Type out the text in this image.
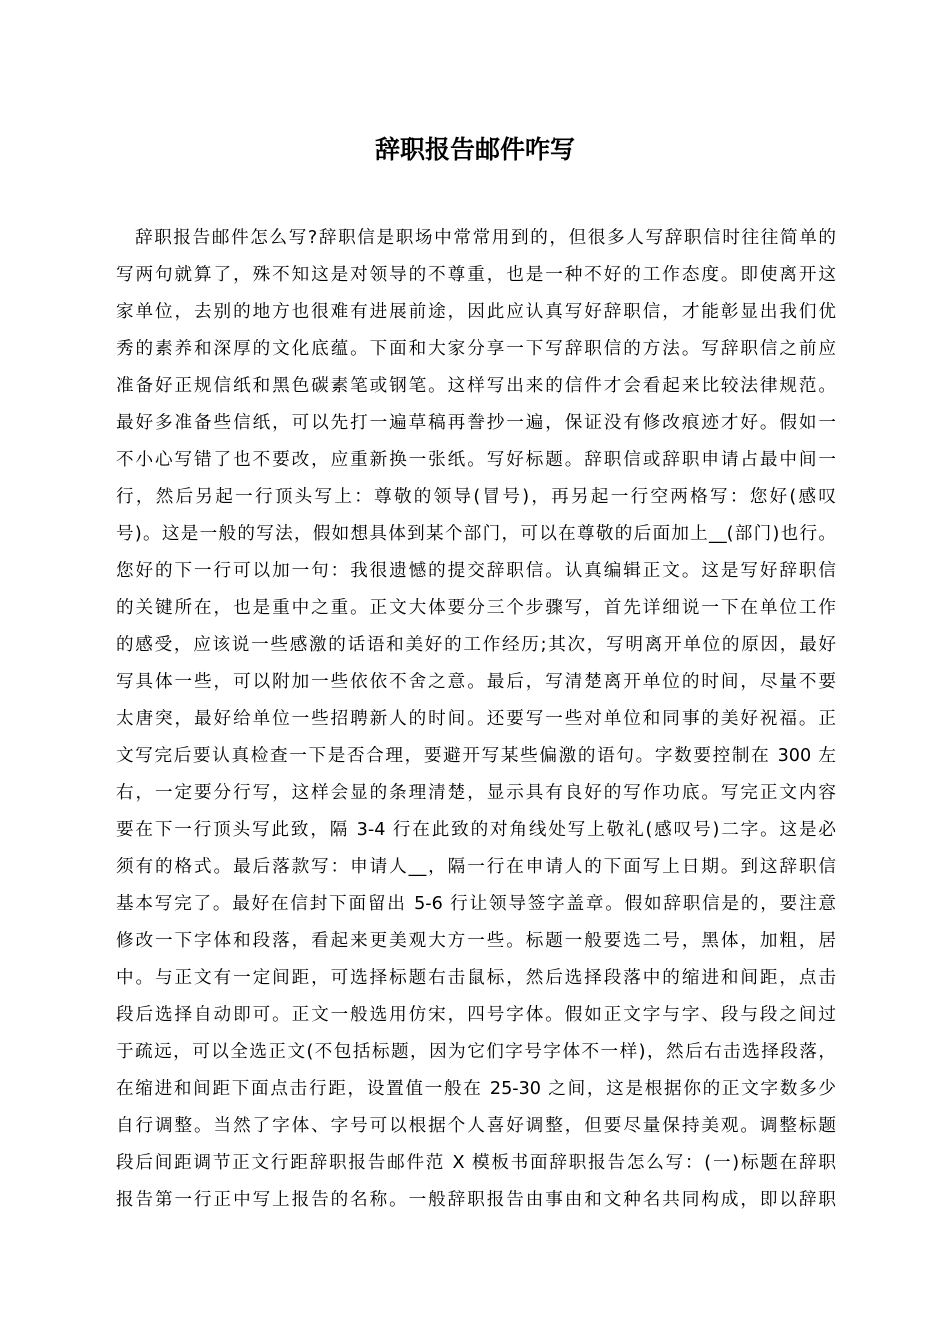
辞职报告邮件咋写
辞职报告邮件怎么写?辞职信是职场中常常用到的，但很多人写辞职信时往往简单的
写两句就算了，殊不知这是对领导的不尊重，也是一种不好的工作态度。即使离开这
家单位，去别的地方也很难有进展前途，因此应认真写好辞职信，才能彰显出我们优
秀的素养和深厚的文化底蕴。下面和大家分享一下写辞职信的方法。写辞职信之前应
准备好正规信纸和黑色碳素笔或钢笔。这样写出来的信件才会看起来比较法律规范。
最好多准备些信纸，可以先打一遍草稿再誊抄一遍，保证没有修改痕迹才好。假如一
不小心写错了也不要改，应重新换一张纸。写好标题。辞职信或辞职申请占最中间一
行，然后另起一行顶头写上：尊敬的领导(冒号)，再另起一行空两格写：您好(感叹
号)。这是一般的写法，假如想具体到某个部门，可以在尊敬的后面加上__(部门)也行。
您好的下一行可以加一句：我很遗憾的提交辞职信。认真编辑正文。这是写好辞职信
的关键所在，也是重中之重。正文大体要分三个步骤写，首先详细说一下在单位工作
的感受，应该说一些感激的话语和美好的工作经历;其次，写明离开单位的原因，最好
写具体一些，可以附加一些依依不舍之意。最后，写清楚离开单位的时间，尽量不要
太唐突，最好给单位一些招聘新人的时间。还要写一些对单位和同事的美好祝福。正
文写完后要认真检查一下是否合理，要避开写某些偏激的语句。字数要控制在 300 左
右，一定要分行写，这样会显的条理清楚，显示具有良好的写作功底。写完正文内容
要在下一行顶头写此致，隔 3-4 行在此致的对角线处写上敬礼(感叹号)二字。这是必
须有的格式。最后落款写：申请人__，隔一行在申请人的下面写上日期。到这辞职信
基本写完了。最好在信封下面留出 5-6 行让领导签字盖章。假如辞职信是的，要注意
修改一下字体和段落，看起来更美观大方一些。标题一般要选二号，黑体，加粗，居
中。与正文有一定间距，可选择标题右击鼠标，然后选择段落中的缩进和间距，点击
段后选择自动即可。正文一般选用仿宋，四号字体。假如正文字与字、段与段之间过
于疏远，可以全选正文(不包括标题，因为它们字号字体不一样)，然后右击选择段落，
在缩进和间距下面点击行距，设置值一般在 25-30 之间，这是根据你的正文字数多少
自行调整。当然了字体、字号可以根据个人喜好调整，但要尽量保持美观。调整标题
段后间距调节正文行距辞职报告邮件范 X 模板书面辞职报告怎么写：(一)标题在辞职
报告第一行正中写上报告的名称。一般辞职报告由事由和文种名共同构成，即以辞职
